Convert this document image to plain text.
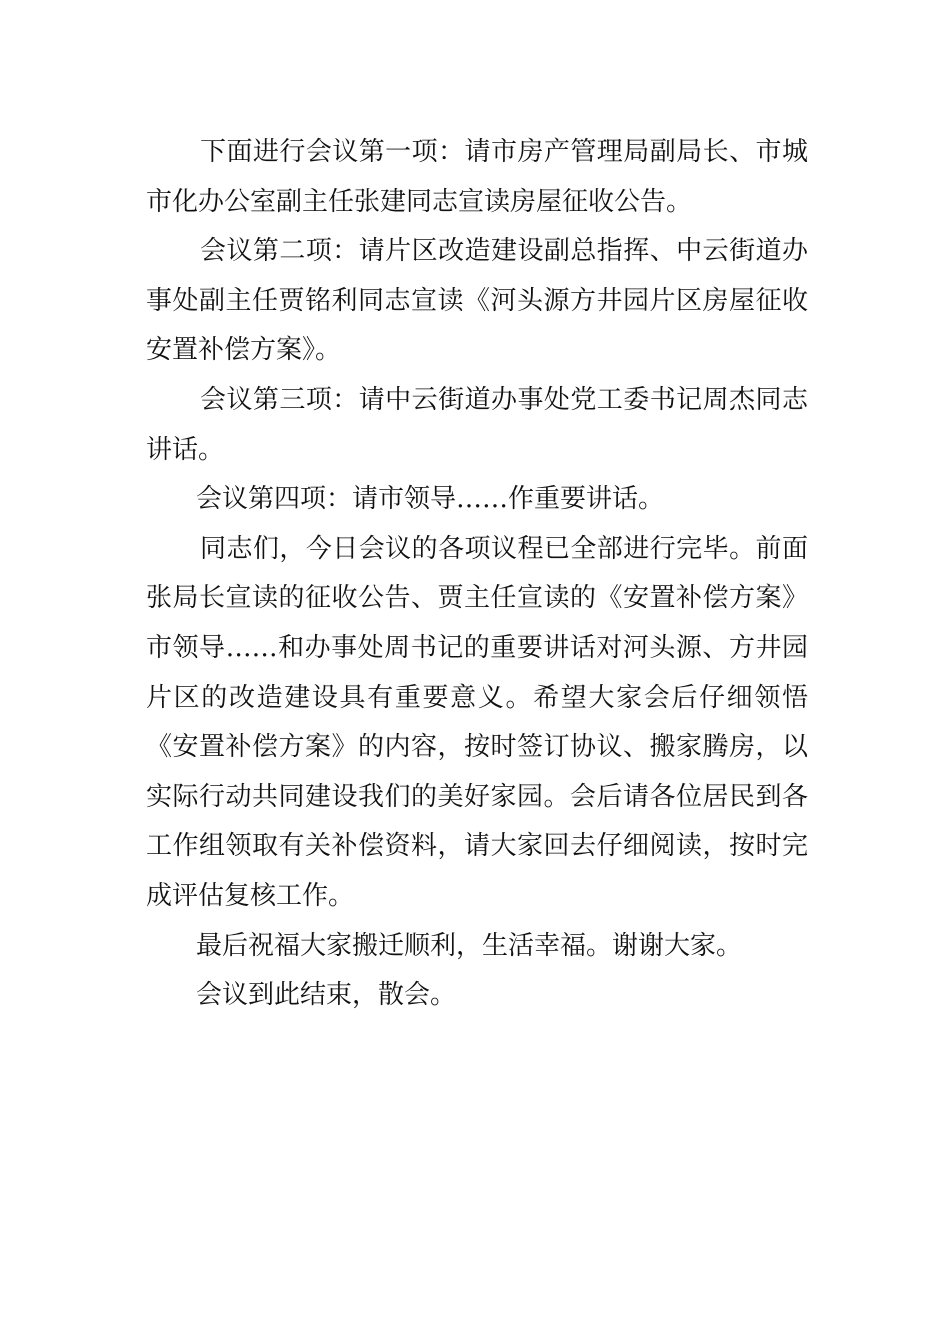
下面进行会议第一项：请市房产管理局副局长、市城
市化办公室副主任张建同志宣读房屋征收公告。
会议第二项：请片区改造建设副总指挥、中云街道办
事处副主任贾铭利同志宣读《河头源方井园片区房屋征收
安置补偿方案》。
会议第三项：请中云街道办事处党工委书记周杰同志
讲话。
会议第四项：请市领导……作重要讲话。
同志们，今日会议的各项议程已全部进行完毕。前面
张局长宣读的征收公告、贾主任宣读的《安置补偿方案》
市领导……和办事处周书记的重要讲话对河头源、方井园
片区的改造建设具有重要意义。希望大家会后仔细领悟
《安置补偿方案》的内容，按时签订协议、搬家腾房，以
实际行动共同建设我们的美好家园。会后请各位居民到各
工作组领取有关补偿资料，请大家回去仔细阅读，按时完
成评估复核工作。
最后祝福大家搬迁顺利，生活幸福。谢谢大家。
会议到此结束，散会。
